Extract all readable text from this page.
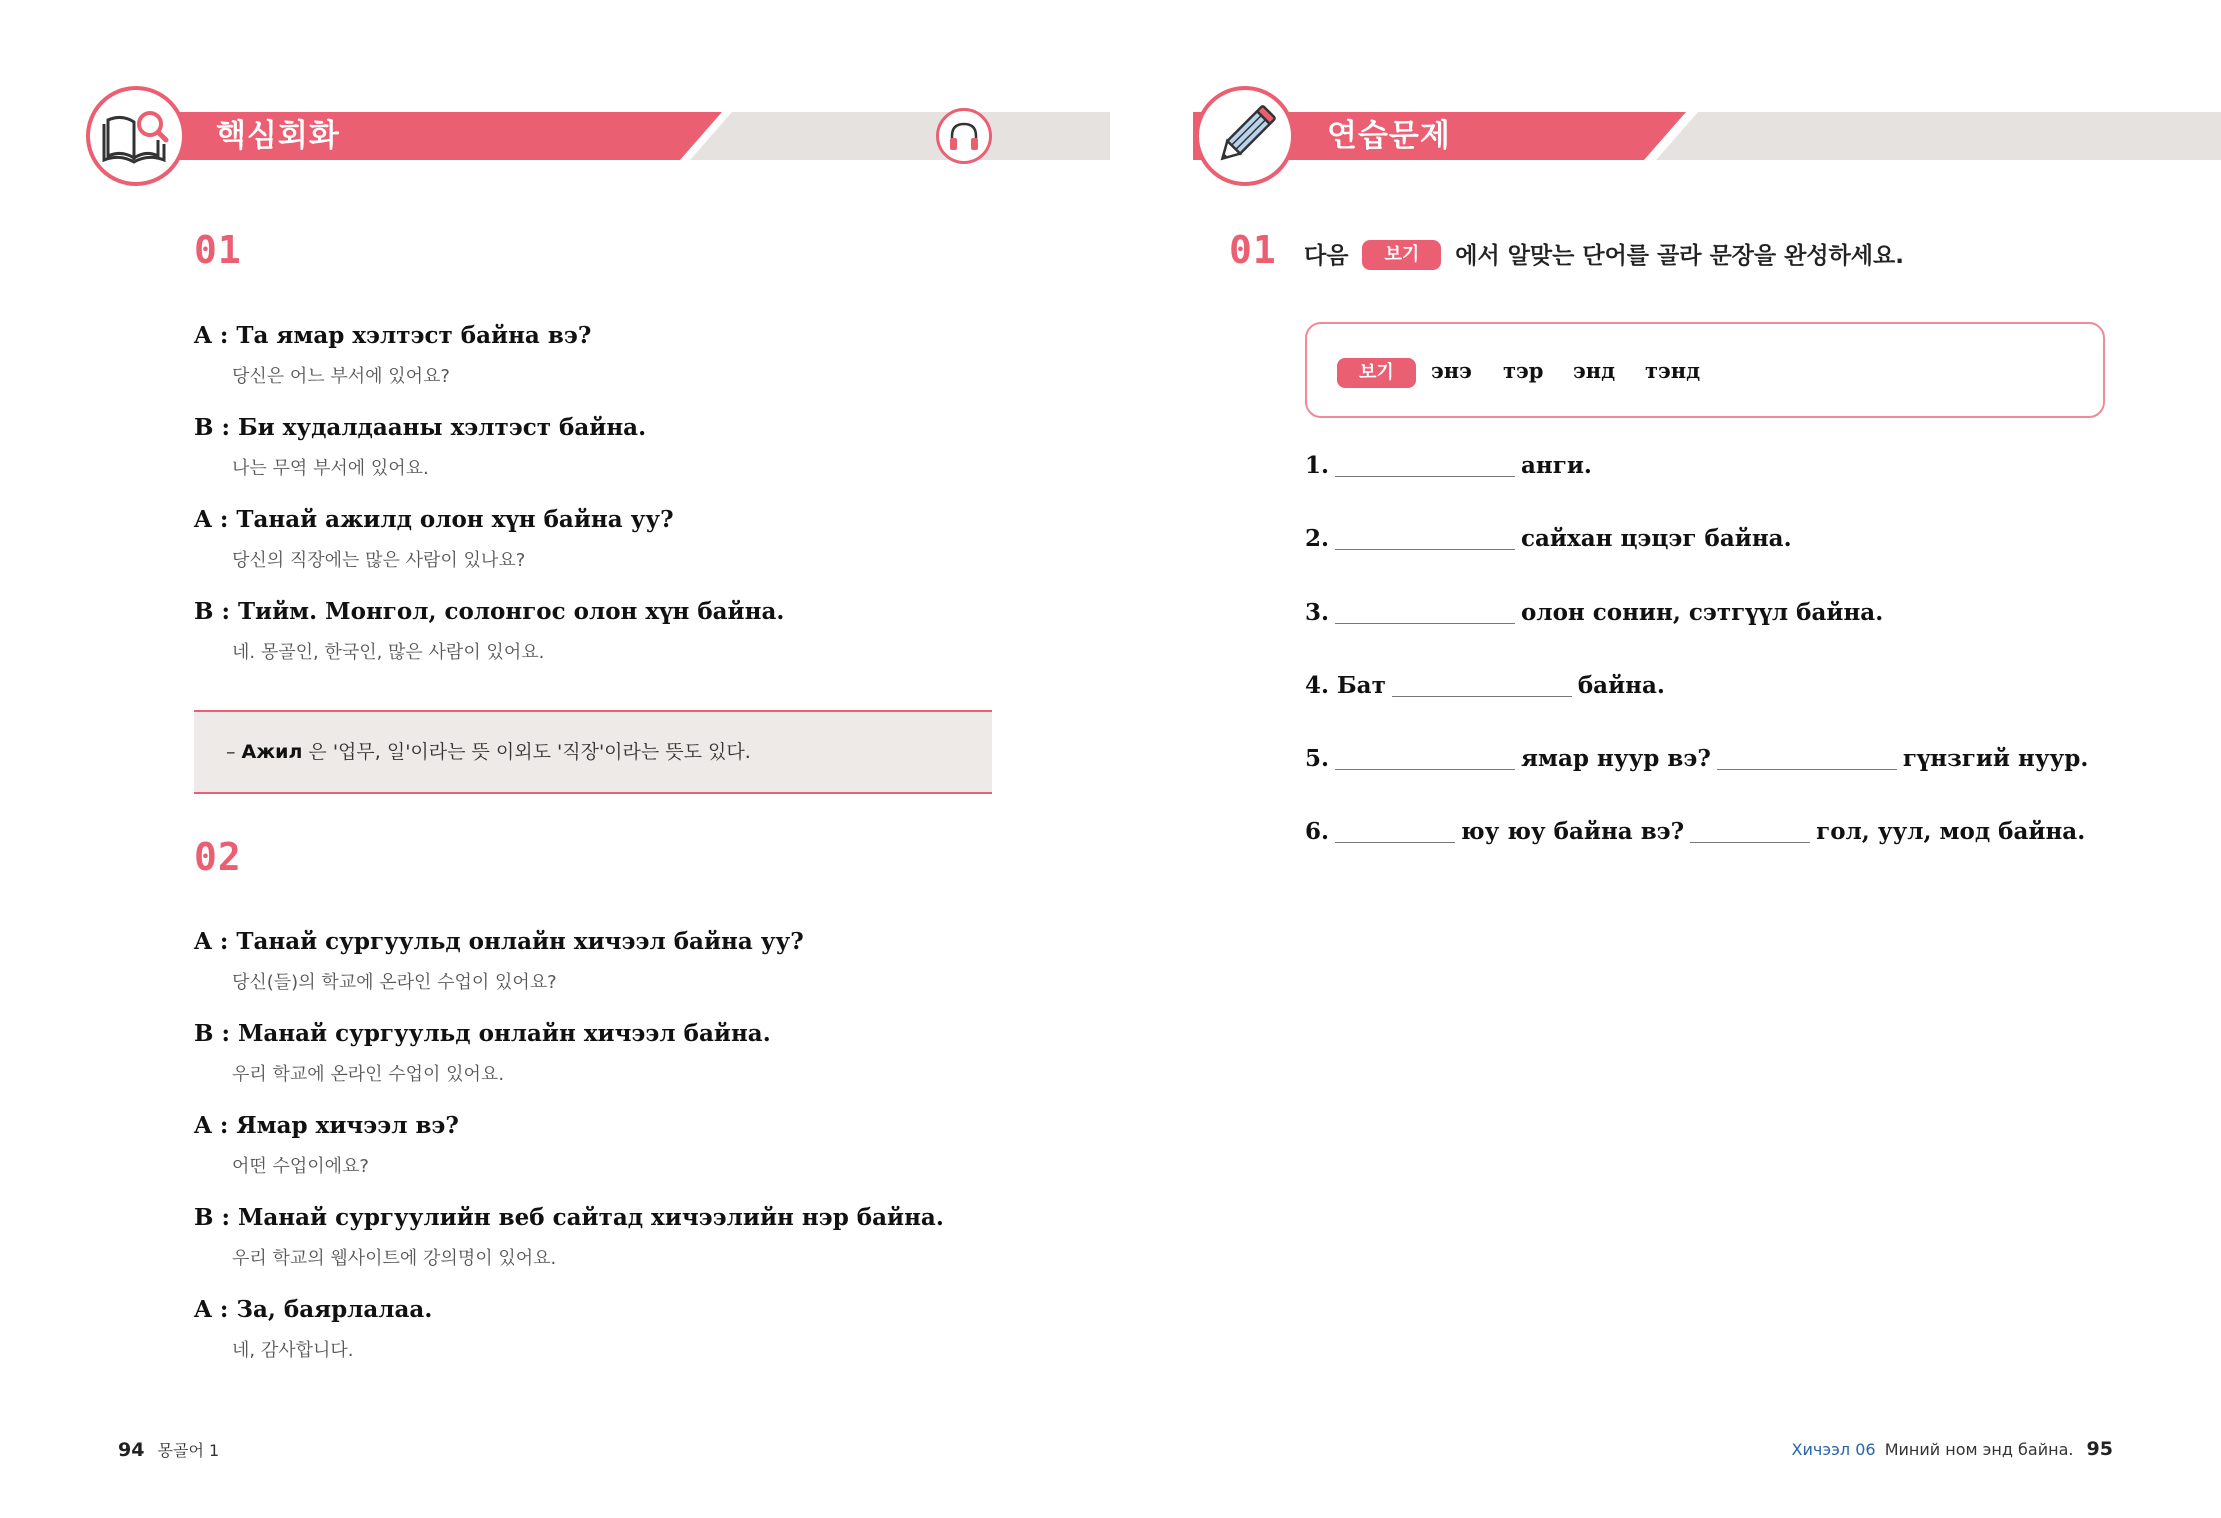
핵심회화
01
A : Та ямар хэлтэст байна вэ?
당신은 어느 부서에 있어요?
B : Би худалдааны хэлтэст байна.
나는 무역 부서에 있어요.
A : Танай ажилд олон хүн байна уу?
당신의 직장에는 많은 사람이 있나요?
B : Тийм. Монгол, солонгос олон хүн байна.
네. 몽골인, 한국인, 많은 사람이 있어요.
– Ажил 은 '업무, 일'이라는 뜻 이외도 '직장'이라는 뜻도 있다.
02
A : Танай сургуульд онлайн хичээл байна уу?
당신(들)의 학교에 온라인 수업이 있어요?
B : Манай сургуульд онлайн хичээл байна.
우리 학교에 온라인 수업이 있어요.
A : Ямар хичээл вэ?
어떤 수업이에요?
B : Манай сургуулийн веб сайтад хичээлийн нэр байна.
우리 학교의 웹사이트에 강의명이 있어요.
A : За, баярлалаа.
네, 감사합니다.
94 몽골어 1
연습문제
01 다음 보기 에서 알맞는 단어를 골라 문장을 완성하세요.
보기	энэ тэр энд тэнд
1.	анги.
2.	сайхан цэцэг байна.
3.	олон сонин, сэтгүүл байна.
4. Бат	байна.
5.	ямар нуур вэ?	гүнзгий нуур.
6.	юу юу байна вэ?	гол, уул, мод байна.
Хичээл 06 Миний ном энд байна. 95
